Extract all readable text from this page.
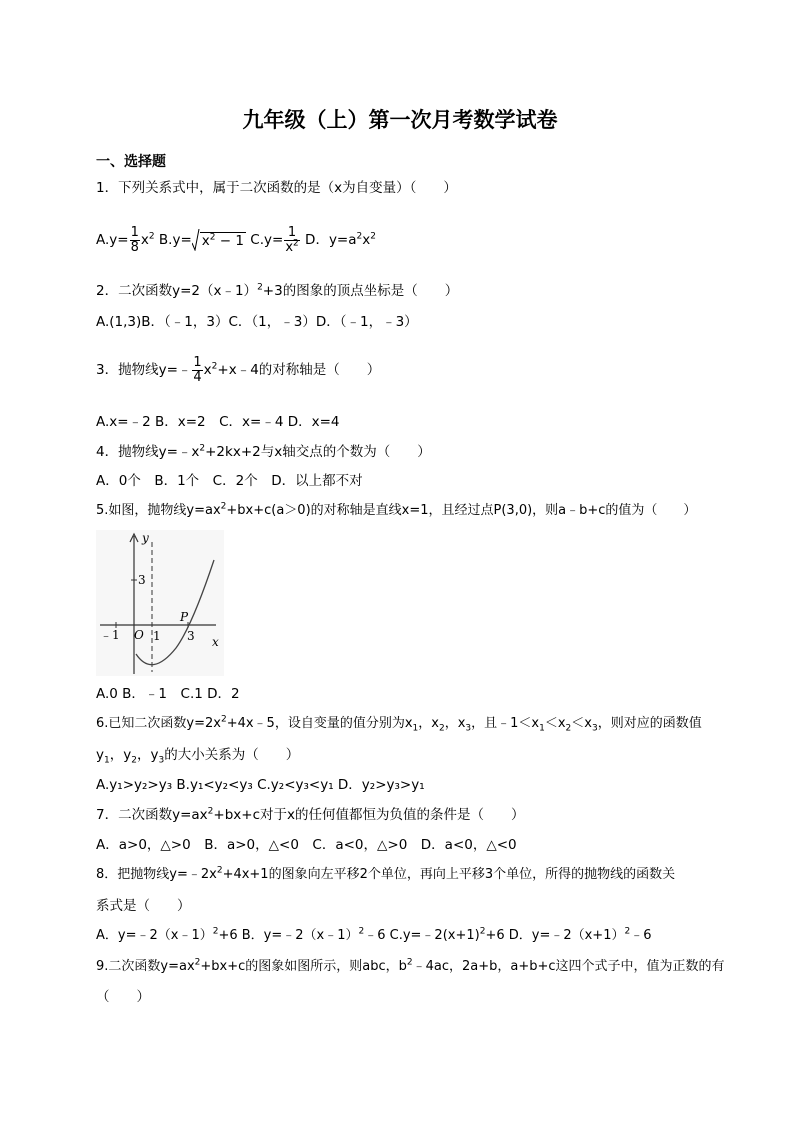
九年级（上）第一次月考数学试卷
一、选择题
1．下列关系式中，属于二次函数的是（x为自变量）（　　）
$A.y= \frac{1}{8} x^2$ $B.y= x^2 - 1$ $C.y= \frac{1}{x^2}$ D．$y=a^2x^2$
2．二次函数y=2（x﹣1）$^2$+3的图象的顶点坐标是（　　）
A.(1,3)B．（﹣1，3）C．（1，﹣3）D．（﹣1，﹣3）
3．抛物线y=﹣ $\frac{1}{4}$ $x^2+x﹣4$的对称轴是（　　）
A.x=﹣2 B．x=2　C．x=﹣4 D．x=4
4．抛物线$y=﹣x^2+2kx+2$与x轴交点的个数为（　　）
A．0个　B．1个　C．2个　D．以上都不对
5.如图，抛物线$y=ax^2+bx+c(a>0)$的对称轴是直线x=1，且经过点P(3,0)，则a﹣b+c的值为（　　）
y
x
3
﹣1 O 1 3
P
A.0 B．﹣1　C.1 D．2
6.已知二次函数$y=2x^2+4x﹣5$，设自变量的值分别为$x_1$，$x_2$，$x_3$，且$﹣1<x_1<x_2<x_3$，则对应的函数值
$y_1$，$y_2$，$y_3$的大小关系为（　　）
A.y₁>y₂>y₃ B.y₁<y₂<y₃ C.y₂<y₃<y₁ D．y₂>y₃>y₁
7．二次函数$y=ax^2+bx+c$对于x的任何值都恒为负值的条件是（　　）
A．a>0，△>0　B．a>0，△<0　C．a<0，△>0　D．a<0，△<0
8．把抛物线$y=﹣2x^2+4x+1$的图象向左平移2个单位，再向上平移3个单位，所得的抛物线的函数关
系式是（　　）
A．y=﹣2（x﹣1）$^2$+6 B．y=﹣2（x﹣1）$^2$﹣6 $C.y=﹣2(x+1)^2+6$ D．$y=﹣2(x+1)^2﹣6$
9.二次函数$y=ax^2+bx+c$的图象如图所示，则abc，$b^2﹣4ac$，2a+b，a+b+c这四个式子中，值为正数的有
（　　）
